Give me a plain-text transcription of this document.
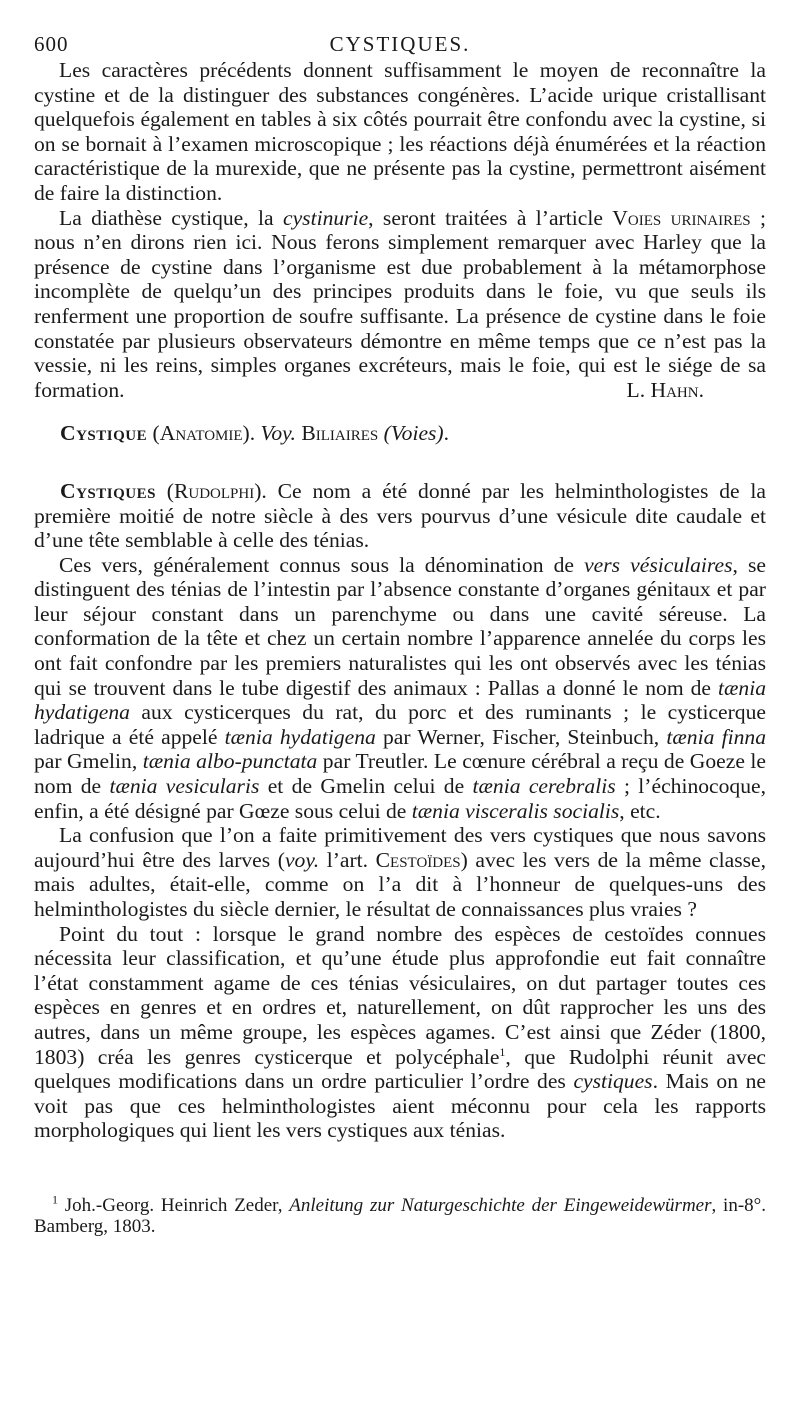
600	CYSTIQUES.

Les caractères précédents donnent suffisamment le moyen de reconnaître la cystine et de la distinguer des substances congénères. L’acide urique cristallisant quelquefois également en tables à six côtés pourrait être confondu avec la cystine, si on se bornait à l’examen microscopique ; les réactions déjà énumérées et la réaction caractéristique de la murexide, que ne présente pas la cystine, permettront aisément de faire la distinction.

La diathèse cystique, la cystinurie, seront traitées à l’article Voies urinaires ; nous n’en dirons rien ici. Nous ferons simplement remarquer avec Harley que la présence de cystine dans l’organisme est due probablement à la métamorphose incomplète de quelqu’un des principes produits dans le foie, vu que seuls ils renferment une proportion de soufre suffisante. La présence de cystine dans le foie constatée par plusieurs observateurs démontre en même temps que ce n’est pas la vessie, ni les reins, simples organes excréteurs, mais le foie, qui est le siége de sa formation.	L. Hahn.

Cystique (Anatomie). Voy. Biliaires (Voies).

Cystiques (Rudolphi). Ce nom a été donné par les helminthologistes de la première moitié de notre siècle à des vers pourvus d’une vésicule dite caudale et d’une tête semblable à celle des ténias.

Ces vers, généralement connus sous la dénomination de vers vésiculaires, se distinguent des ténias de l’intestin par l’absence constante d’organes génitaux et par leur séjour constant dans un parenchyme ou dans une cavité séreuse. La conformation de la tête et chez un certain nombre l’apparence annelée du corps les ont fait confondre par les premiers naturalistes qui les ont observés avec les ténias qui se trouvent dans le tube digestif des animaux : Pallas a donné le nom de tænia hydatigena aux cysticerques du rat, du porc et des ruminants ; le cysticerque ladrique a été appelé tænia hydatigena par Werner, Fischer, Steinbuch, tænia finna par Gmelin, tænia albo-punctata par Treutler. Le cœnure cérébral a reçu de Goeze le nom de tænia vesicularis et de Gmelin celui de tænia cerebralis ; l’échinocoque, enfin, a été désigné par Gœze sous celui de tænia visceralis socialis, etc.

La confusion que l’on a faite primitivement des vers cystiques que nous savons aujourd’hui être des larves (voy. l’art. Cestoïdes) avec les vers de la même classe, mais adultes, était-elle, comme on l’a dit à l’honneur de quelques-uns des helminthologistes du siècle dernier, le résultat de connaissances plus vraies ?

Point du tout : lorsque le grand nombre des espèces de cestoïdes connues nécessita leur classification, et qu’une étude plus approfondie eut fait connaître l’état constamment agame de ces ténias vésiculaires, on dut partager toutes ces espèces en genres et en ordres et, naturellement, on dût rapprocher les uns des autres, dans un même groupe, les espèces agames. C’est ainsi que Zéder (1800, 1803) créa les genres cysticerque et polycéphale$^1$, que Rudolphi réunit avec quelques modifications dans un ordre particulier l’ordre des cystiques. Mais on ne voit pas que ces helminthologistes aient méconnu pour cela les rapports morphologiques qui lient les vers cystiques aux ténias.

$^1$ Joh.-Georg. Heinrich Zeder, Anleitung zur Naturgeschichte der Eingeweidewürmer, in-8°. Bamberg, 1803.
